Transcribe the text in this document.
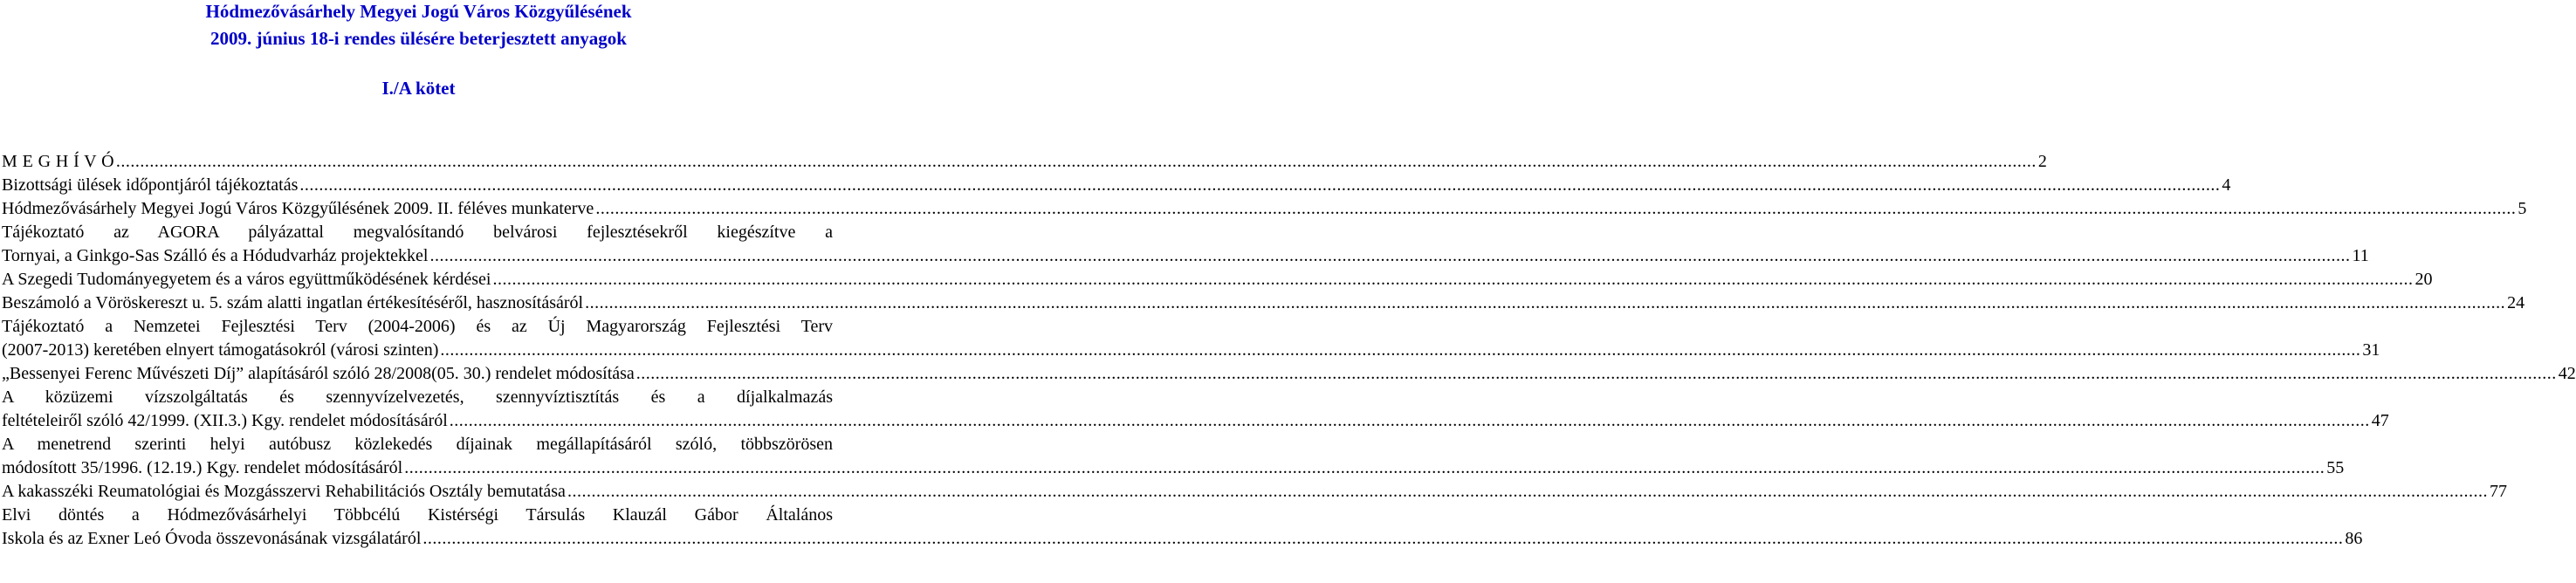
Hódmezővásárhely Megyei Jogú Város Közgyűlésének
2009. június 18-i rendes ülésére beterjesztett anyagok
I./A kötet
M E G H Í V Ó ................................................................................................................................................................................................................................................................................................................................................................................................................ 2
Bizottsági ülések időpontjáról tájékoztatás ................................................................................................................................................................................................................................................................................................................................................................................................................ 4
Hódmezővásárhely Megyei Jogú Város Közgyűlésének 2009. II. féléves munkaterve ................................................................................................................................................................................................................................................................................................................................................................................................................ 5
Tájékoztató az AGORA pályázattal megvalósítandó belvárosi fejlesztésekről kiegészítve a
Tornyai, a Ginkgo-Sas Szálló és a Hódudvarház projektekkel ................................................................................................................................................................................................................................................................................................................................................................................................................ 11
A Szegedi Tudományegyetem és a város együttműködésének kérdései ................................................................................................................................................................................................................................................................................................................................................................................................................ 20
Beszámoló a Vöröskereszt u. 5. szám alatti ingatlan értékesítéséről, hasznosításáról ................................................................................................................................................................................................................................................................................................................................................................................................................ 24
Tájékoztató a Nemzetei Fejlesztési Terv (2004-2006) és az Új Magyarország Fejlesztési Terv
(2007-2013) keretében elnyert támogatásokról (városi szinten) ................................................................................................................................................................................................................................................................................................................................................................................................................ 31
„Bessenyei Ferenc Művészeti Díj” alapításáról szóló 28/2008(05. 30.) rendelet módosítása ................................................................................................................................................................................................................................................................................................................................................................................................................ 42
A közüzemi vízszolgáltatás és szennyvízelvezetés, szennyvíztisztítás és a díjalkalmazás
feltételeiről szóló 42/1999. (XII.3.) Kgy. rendelet módosításáról ................................................................................................................................................................................................................................................................................................................................................................................................................ 47
A menetrend szerinti helyi autóbusz közlekedés díjainak megállapításáról szóló, többszörösen
módosított 35/1996. (12.19.) Kgy. rendelet módosításáról ................................................................................................................................................................................................................................................................................................................................................................................................................ 55
A kakasszéki Reumatológiai és Mozgásszervi Rehabilitációs Osztály bemutatása ................................................................................................................................................................................................................................................................................................................................................................................................................ 77
Elvi döntés a Hódmezővásárhelyi Többcélú Kistérségi Társulás Klauzál Gábor Általános
Iskola és az Exner Leó Óvoda összevonásának vizsgálatáról ................................................................................................................................................................................................................................................................................................................................................................................................................ 86
